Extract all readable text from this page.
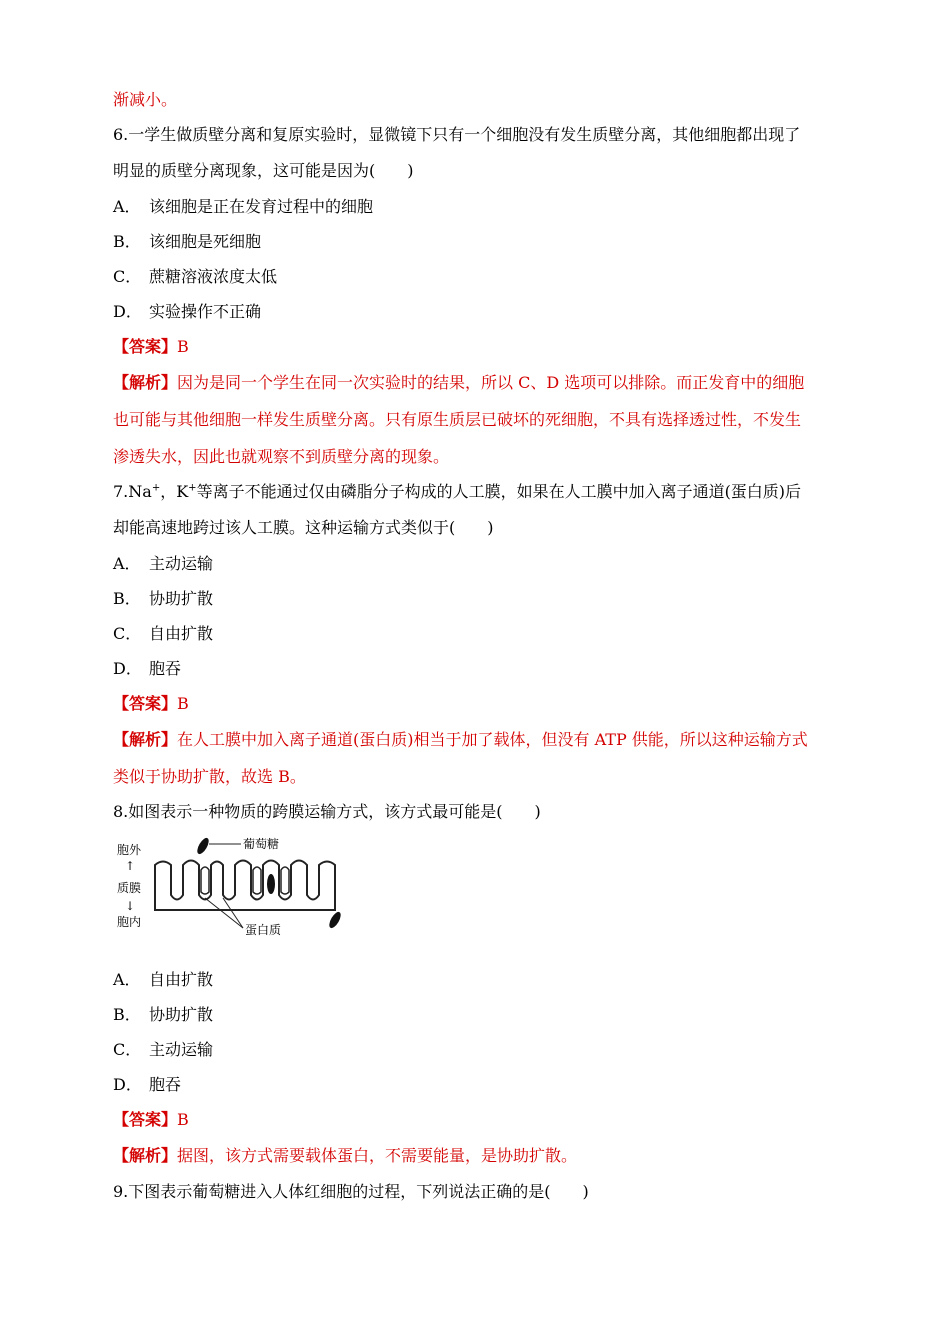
渐减小。
6.一学生做质壁分离和复原实验时，显微镜下只有一个细胞没有发生质壁分离，其他细胞都出现了
明显的质壁分离现象，这可能是因为(　　)
A． 该细胞是正在发育过程中的细胞
B． 该细胞是死细胞
C． 蔗糖溶液浓度太低
D． 实验操作不正确
【答案】B
【解析】因为是同一个学生在同一次实验时的结果，所以 C、D 选项可以排除。而正发育中的细胞
也可能与其他细胞一样发生质壁分离。只有原生质层已破坏的死细胞，不具有选择透过性，不发生
渗透失水，因此也就观察不到质壁分离的现象。
7.Na+，K+等离子不能通过仅由磷脂分子构成的人工膜，如果在人工膜中加入离子通道(蛋白质)后
却能高速地跨过该人工膜。这种运输方式类似于(　　)
A． 主动运输
B． 协助扩散
C． 自由扩散
D． 胞吞
【答案】B
【解析】在人工膜中加入离子通道(蛋白质)相当于加了载体，但没有 ATP 供能，所以这种运输方式
类似于协助扩散，故选 B。
8.如图表示一种物质的跨膜运输方式，该方式最可能是(　　)
胞外
↑
质膜
↓
胞内
葡萄糖
蛋白质
A． 自由扩散
B． 协助扩散
C． 主动运输
D． 胞吞
【答案】B
【解析】据图，该方式需要载体蛋白，不需要能量，是协助扩散。
9.下图表示葡萄糖进入人体红细胞的过程，下列说法正确的是(　　)
